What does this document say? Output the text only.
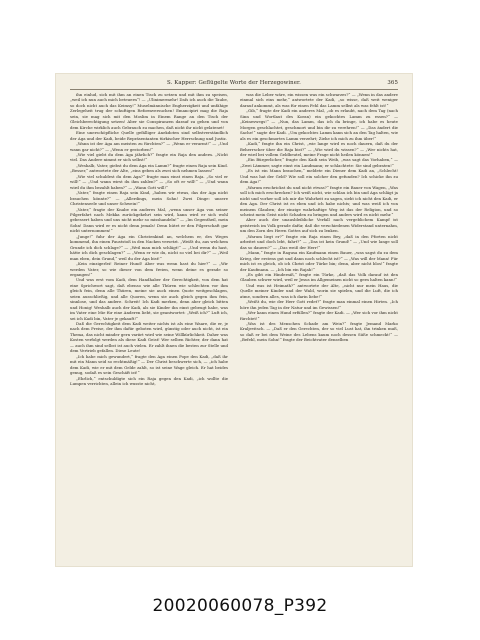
S. Kapper: Geflügelte Worte der Herzegowiner.	365

ihn einlud, sich mit ihm an einen Tisch zu setzen und mit ihm zu speisen, „weil ich nun auch mich beteuern“! — „Ulinimermehr! Daſs ich auch die Taube, so doch nicht auch das Keimsy!“ Muselmännische Engherzigkeit und unfähige Zerlegeheit trug der schuftigen Reformversuchen! Emancipirt mag die Raja sein, sie mag sich mit den Moslim in Einem Range an den Tisch der Gleichberechtigung setzen! Aber sie Conspiranzen darauf zu gehen und von dem Kirche wirklich auch Gebrauch zu machen, daß nicht ihr nicht gelatenet!

Eine unerschöpfliche Quelle gefälliger Anekdoten sind selbstverständlich der Aga und der Kadi, beide Repräsentanten türkischer Herrschung und Justiz.

„Wann ist der Aga am meisten zu fürchten?“ — „Wenn er verarmt!“ — „Und wann gar nicht?“ — „Wenn er gestorben!“

„Wie viel giebt du dem Aga jährlich?“ fragte ein Raja den andern. „Nicht viel. Das Andere nimmt er sich selbst!“

„Weshalb, Vater, giebst du dem Aga ein Lamm?“ fragte einen Raja sein Kind. „Besser,“ antwortete der Alte, „eins geben als zwei sich nehmen lassen!“

„Wie viel schuldest du dem Aga?“ fragte man einst einen Raja. „So viel er will!“ — „Und wann wirst du ihm zahlen?“ — „So oft er will!“ — „Und wann wird du ihm bezahlt haben?“ — „Wann Gott will!“

„Vater,“ fragte einen Raja sein Kind, „haben wir etwas, das der Aga nicht brauchen könnte?“ — „Allerdings, mein Sohn! Zwei Dinge: unsere Christenseele und unser Schwein!“

„Vater,“ fragte der Knabe ein anderes Mal, „wenn unser Aga von seiner Pilgerfahrt nach Mekka zurückgekehrt sein wird, kann wird er sich wohl gebessert haben und uns nicht mehr so misshandeln!“ — „Im Gegentheil, mein Sohn! Dann wird er es nicht denn jemals! Denn hütet er den Pilgerschaft gar nicht unternommen!“

„Junge!“ fuhr der Aga ein Christenkind an, welchem er, des Weges kommend, ihn einen Fauststoß in den Nacken versetzt. „Weißt du, aus welchem Grunde ich dich schlage?“ — „Weil man mich schlägt!“ — „Und wenn du hast, hätte ich dich geschlagen?“ — „Wenn er wie du, nicht so viel bei dir?“ — „Weil man eben, dein Grund,“ weil du der Aga bist!“

„Kein einzigerlei! Reiner Hund! Aber was wenn hast du hier?“ — „Wir werden Vater, so wie dieser von dem freien, wenn deine es gerade so ergangen!“

Und was erst vom Kadi, dem Handhaber der Gerechtigkeit, von dem hat eine Sprichwort sagt, daß ebenso wie alle Thüren wie schlechten vor ihm gleich fein, denn alle Thüren, meine sie auch einen Quote weitgeschlagen, seien ausschließig, und alle Quoren, wenn sie auch gleich gegen ihm fein, sinnlose, und das andere. Schreit! Ich Kadi merken, denn aber gleich bitten und Honig! Weshalb auch der Kadi, als sie Kinder ihn einst gebeugt habe, was im Vater eine Mie für eine Anderen liebt, sie geantwortet: „Weiß ich?“ Luft ich, sei ich Kadi bin, Vater je gekauft!“

Daß die Gerechtigkeit dem Kadi weiter nichts ist als eine Waare, die er, je nach dem Preise, der ihm dafür geboten wird, günstig oder auch nicht, ist ein Thema, das nicht minder gern variirt wird wie seine Willkürlichkeit. Daher was Kosten verfolgt werden als diese Kadi Geist! Wer selben Richter, der dann hat — auch ihm sind selbst ist auch vielen. Er zahlt ihnen die besten zur Stelle und dem Vertrieb gefallen. Diese Leute!

„Ich habe mich gewundert,“ fragte den Aga einen Pope den Kadi, „daß ihr mit ein Mann seid so rechtmäßig!“ — Der Christ beschwerte sich, — „ich habe dem Kadi, wie er mit dem Gelde zahlt, so ist seine Wage gleich. Er hat beides genug, sodaß es sein Geschäft ist!“

„Ehrlich,“ entschuldigte sich ein Raja gegen den Kadi, „ich wollte die Lumpen verrichten, allein ich wusste nicht,

was die Leber wäre, ein wissen was ein schwarzes?“ — „Wenn in das andere einmal sich eins mehr,“ antwortete der Kadi, „so wisse, daß weit weniger darauf ankommt, als was für einen Fehl das Lamm selbst als was fehlt ist!“

„Gib,“ fragte der Kadi ein anderes Mal, „ob es erlaubt, nach dem Tag (nach Sinn und Wortlaut des Koran) ein gekochtes Lamm zu essen?“ — „Keineswegs!“ — „Nun, das Lamm, das ich da bringe, ich habe es heute Morgen geschlachtet, geschmort und bin dir zu verehren!“ — „Das ändert die Sache!“ sagte der Kadi. „Um gekochtes Lamm kann sich an den Tag halten, wie als es ein geschmortes Lamm verzehrt; Ziehe ich mich zu ihm über!“

„Kadi,“ fragte ihn ein Christ, „wie lange wird es noch dauern, daß du der Beherrscher über die Raja bist?“ — „Wie wird du wissen?“ — „Wer nichts hat, der wird bei vollem Geldbeutel, meine Frage nicht heilen können!“

„Ein Bürgerlicher,“ fragte den Kadi sein Weib, „was sagt das Vorhaben,“ — „Zwei Lämmer, sagte einst ein Landmann; er schlachtete: Sie sind gebraten!“

„Es ist ein Mann brauchen,“ meldete ein Diener dem Kadi an, „Schlecht! Und was hat der Geld? Wie soll ein solcher den gefunden? Ich schicke ihn zu dem Aga!“

„Warum erschrickst du und nicht etwas?“ fragte ein Bauer von Wagen, „Was soll ich mich erschrecken? Ich weiß nicht, wie schlau ich bin und Aga schlägt ja nicht und vorher soll ich mir die Wahrheit zu sagen, sieht ich nicht den Kadi, er den Aga. Der Christ ist es eben und ich habe nichts; und was weiß ich von meinem Glauben; der einzige wahrhaftige Weg ist das der Religion, und so scheint mein Geist nicht Schaden zu bringen und anders wird es nicht mehr.“

Aber auch der unausbleibliche Verfall nach vergeblichem Kampf ist geistreich im Volk gerade dafür, daß die verschiedenen Widerstand unternahm, um den Zorn des Herrn Gottes auf sich zu lenken.

„Warum liegt er?“ fragte ein Raja einen Bey, „daß in den Pforten nicht arbeitet und doch lebt, fahrt?“ — „Das ist kein Grund!“ — „Und wie lange soll das so dauern?“ — „Das weiß der Herr!“

„Mann,“ fragte in Ragusa ein Kaufmann einen Bauer, „was sagst du zu dem Krieg, der erstens gut und dann noch schlecht ist?“ — „Was will der Mann! Für mich ist es gleich, ob ich Christ oder Türke bin; denn, aber nicht blos!“ fragte der Kaufmann. — „Ich bin ein Rajah!“

„Es gibt ein Hinderniß,“ fragte ein Türke, „daß das Volk darauf ist den Glauben schwer wird, weil er Jesus im Allgemeinen nicht so gern halten kann!“

Und was ist Heimath?“ antwortete der Alte, „nicht nur mein Haus, die Quelle meiner Kinder und der Wald, worin sie spielen, und die Luft, die ich atme, sondern alles, was ich darin liebe!“

„Weißt du, wie der Herr Gott redet?“ fragte man einmal einen Hirten. „Ich höre ihn jeden Tag in der Natur und im Gewissen!“

„Wer kann einen Hund erfüllen?“ fragte der Kadi. — „Wer sich vor ihm nicht fürchtet!“

„Was ist des Menschen Schade am Wein?“ fragte Jemand Marko Kraljevitsch. — „Daß er den Gerechten, der so viel Lust hat, ihn trinken muß, so daß er bei dem Weine des Lebens kaum noch dessen Süße schmeckt!“ — „Befehl, mein Sohn!“ fragte der Beichtvater denselben

20020060078_P392
